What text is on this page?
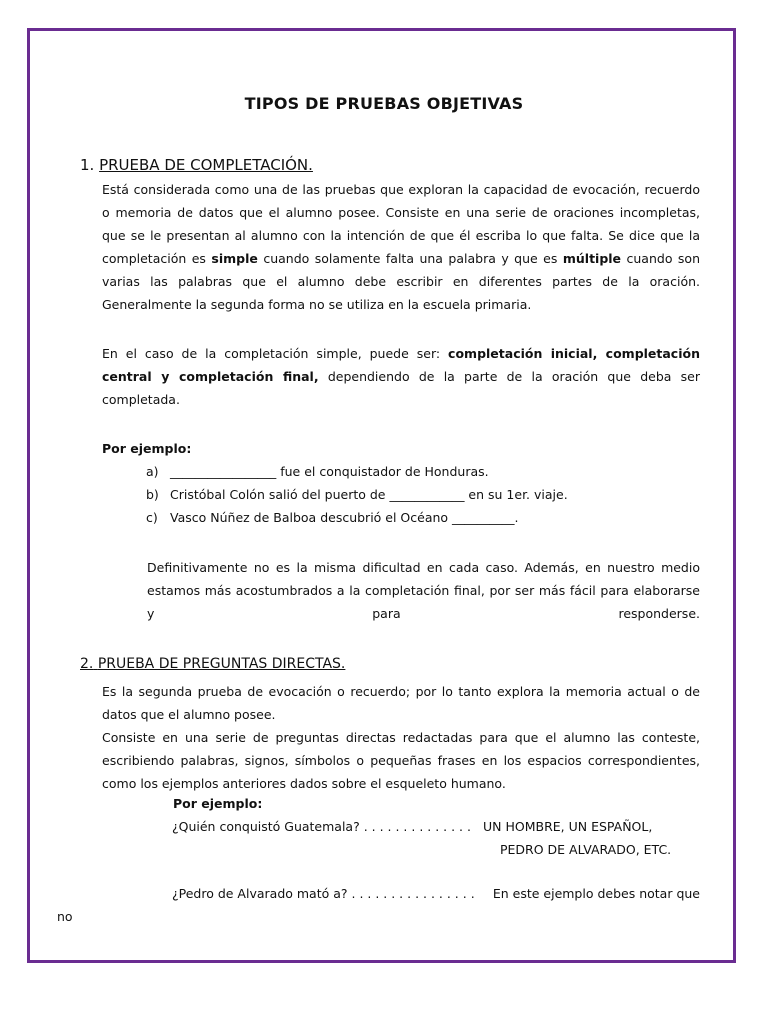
TIPOS DE PRUEBAS OBJETIVAS
1. PRUEBA DE COMPLETACIÓN.
Está considerada como una de las pruebas que exploran la capacidad de evocación, recuerdo
o memoria de datos que el alumno posee. Consiste en una serie de oraciones incompletas,
que se le presentan al alumno con la intención de que él escriba lo que falta. Se dice que la
completación es simple cuando solamente falta una palabra y que es múltiple cuando son
varias las palabras que el alumno debe escribir en diferentes partes de la oración.
Generalmente la segunda forma no se utiliza en la escuela primaria.
En el caso de la completación simple, puede ser: completación inicial, completación
central y completación final, dependiendo de la parte de la oración que deba ser
completada.
Por ejemplo:
a) _________________ fue el conquistador de Honduras.
b) Cristóbal Colón salió del puerto de ____________ en su 1er. viaje.
c) Vasco Núñez de Balboa descubrió el Océano __________.
Definitivamente no es la misma dificultad en cada caso. Además, en nuestro medio
estamos más acostumbrados a la completación final, por ser más fácil para elaborarse
y	para	responderse.
2. PRUEBA DE PREGUNTAS DIRECTAS.
Es la segunda prueba de evocación o recuerdo; por lo tanto explora la memoria actual o de
datos que el alumno posee.
Consiste en una serie de preguntas directas redactadas para que el alumno las conteste,
escribiendo palabras, signos, símbolos o pequeñas frases en los espacios correspondientes,
como los ejemplos anteriores dados sobre el esqueleto humano.
Por ejemplo:
¿Quién conquistó Guatemala? . . . . . . . . . . . . . . UN HOMBRE, UN ESPAÑOL,
PEDRO DE ALVARADO, ETC.
¿Pedro de Alvarado mató a? . . . . . . . . . . . . . . . . En este ejemplo debes notar que
no
